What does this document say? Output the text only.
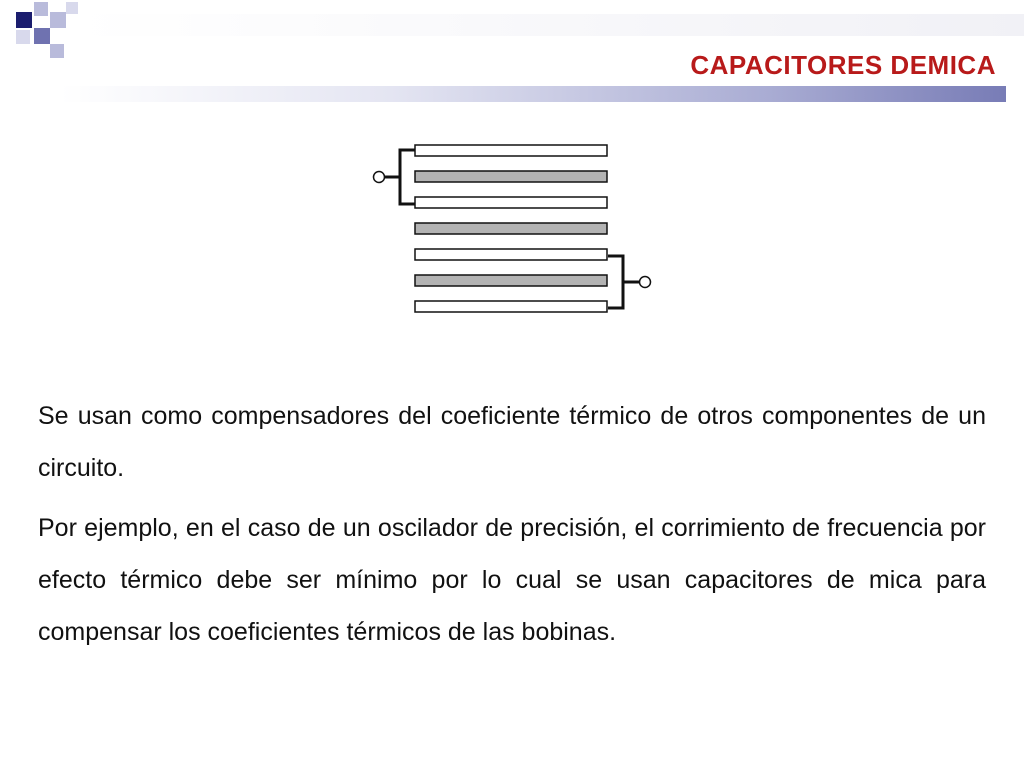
CAPACITORES DEMICA

Se usan como compensadores del coeficiente térmico de otros componentes de un circuito.

Por ejemplo, en el caso de un oscilador de precisión, el corrimiento de frecuencia por efecto térmico debe ser mínimo por lo cual se usan capacitores de mica para compensar los coeficientes térmicos de las bobinas.
